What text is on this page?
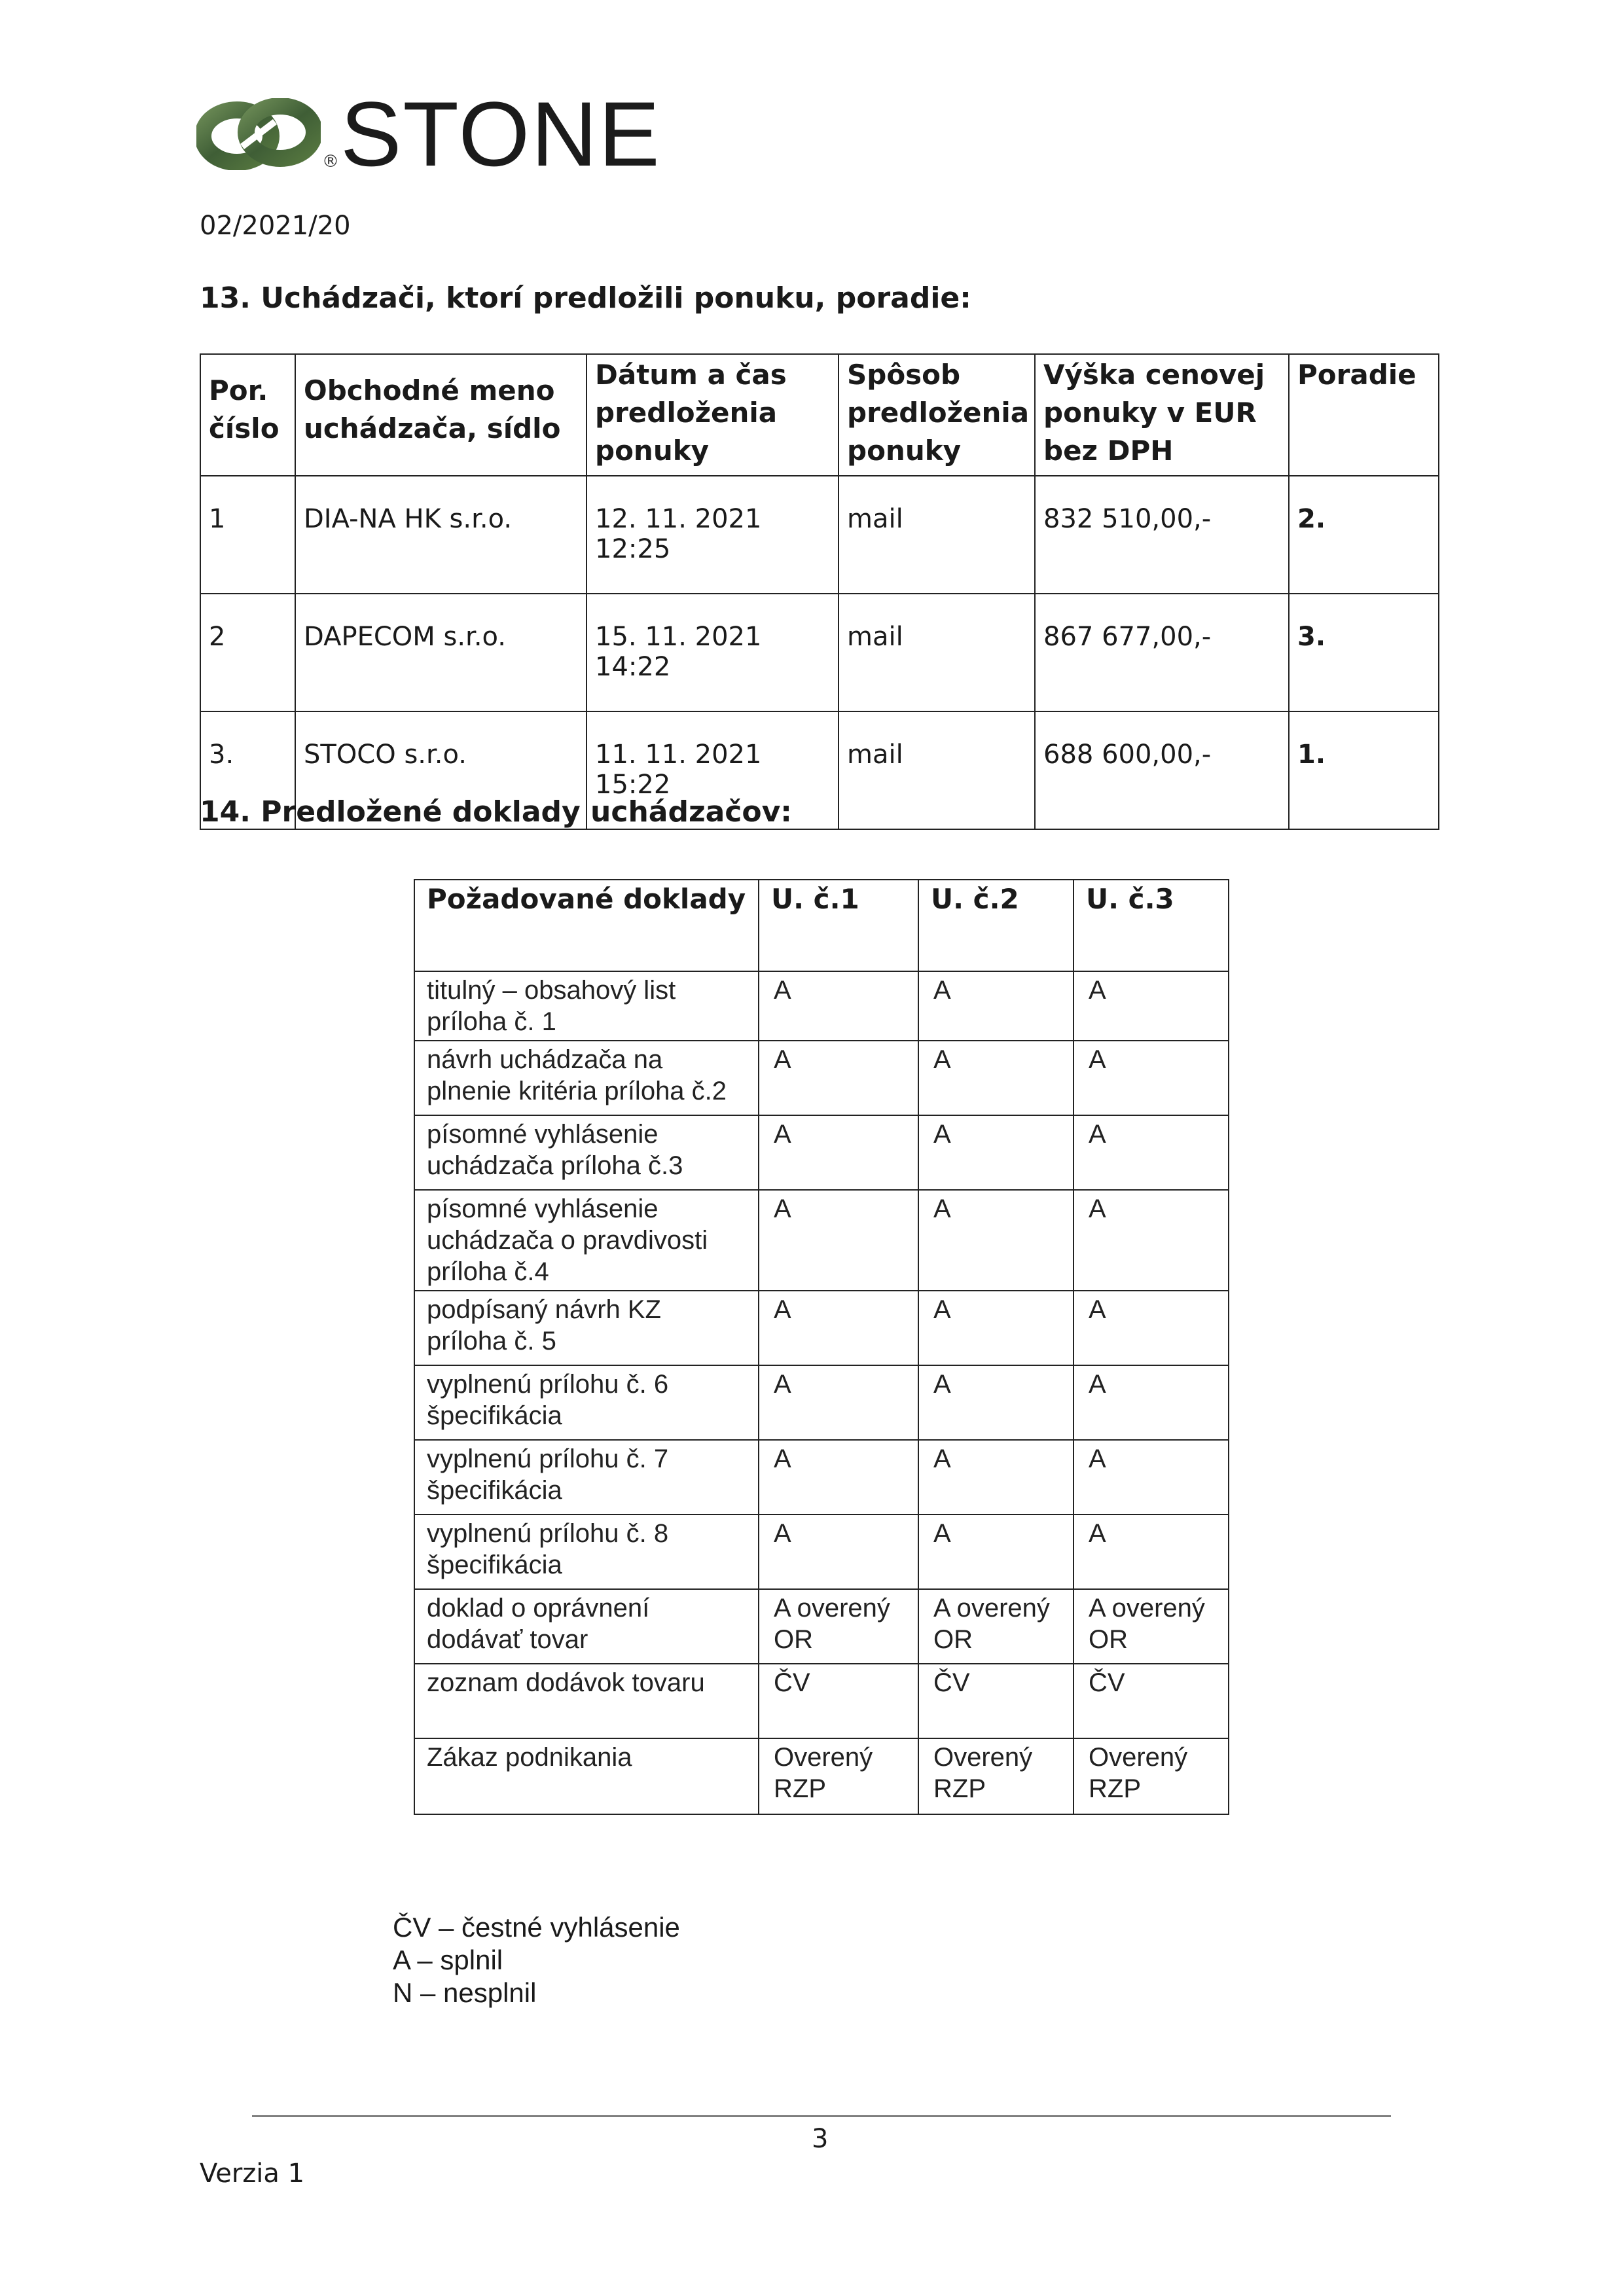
STONE
®
02/2021/20
13. Uchádzači, ktorí predložili ponuku, poradie:
Por. číslo	Obchodné meno uchádzača, sídlo	Dátum a čas predloženia ponuky	Spôsob predloženia ponuky	Výška cenovej ponuky v EUR bez DPH	Poradie
1	DIA-NA HK s.r.o.	12. 11. 2021 12:25	mail	832 510,00,-	2.
2	DAPECOM s.r.o.	15. 11. 2021 14:22	mail	867 677,00,-	3.
3.	STOCO s.r.o.	11. 11. 2021 15:22	mail	688 600,00,-	1.
14. Predložené doklady uchádzačov:
Požadované doklady	U. č.1	U. č.2	U. č.3
titulný – obsahový list príloha č. 1	A	A	A
návrh uchádzača na plnenie kritéria príloha č.2	A	A	A
písomné vyhlásenie uchádzača príloha č.3	A	A	A
písomné vyhlásenie uchádzača o pravdivosti príloha č.4	A	A	A
podpísaný návrh KZ príloha č. 5	A	A	A
vyplnenú prílohu č. 6 špecifikácia	A	A	A
vyplnenú prílohu č. 7 špecifikácia	A	A	A
vyplnenú prílohu č. 8 špecifikácia	A	A	A
doklad o oprávnení dodávať tovar	A overený OR	A overený OR	A overený OR
zoznam dodávok tovaru	ČV	ČV	ČV
Zákaz podnikania	Overený RZP	Overený RZP	Overený RZP
ČV – čestné vyhlásenie
A – splnil
N – nesplnil
3
Verzia 1
